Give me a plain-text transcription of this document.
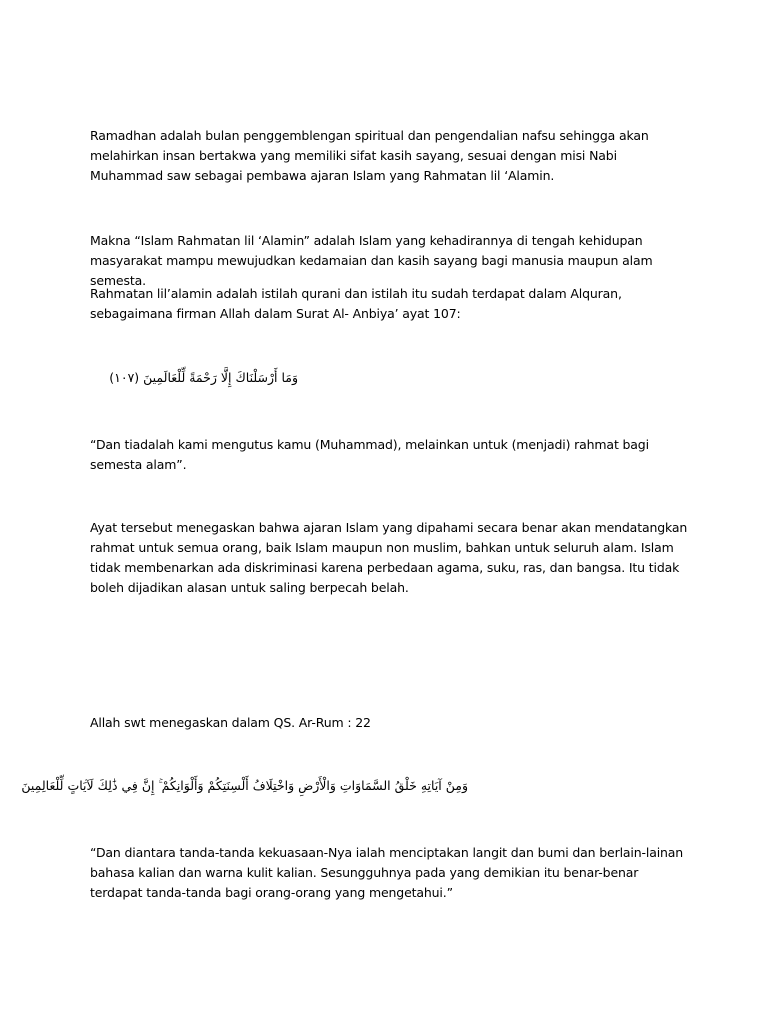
Ramadhan adalah bulan penggemblengan spiritual dan pengendalian nafsu sehingga akan melahirkan insan bertakwa yang memiliki sifat kasih sayang, sesuai dengan misi Nabi Muhammad saw sebagai pembawa ajaran Islam yang Rahmatan lil ‘Alamin.
Makna “Islam Rahmatan lil ‘Alamin” adalah Islam yang kehadirannya di tengah kehidupan masyarakat mampu mewujudkan kedamaian dan kasih sayang bagi manusia maupun alam semesta.
Rahmatan lil’alamin adalah istilah qurani dan istilah itu sudah terdapat dalam Alquran, sebagaimana firman Allah dalam Surat Al- Anbiya’ ayat 107:
وَمَا أَرْسَلْنَاكَ إِلَّا رَحْمَةً لِّلْعَالَمِينَ (١٠٧)
“Dan tiadalah kami mengutus kamu (Muhammad), melainkan untuk (menjadi) rahmat bagi semesta alam”.
Ayat tersebut menegaskan bahwa ajaran Islam yang dipahami secara benar akan mendatangkan rahmat untuk semua orang, baik Islam maupun non muslim, bahkan untuk seluruh alam. Islam tidak membenarkan ada diskriminasi karena perbedaan agama, suku, ras, dan bangsa. Itu tidak boleh dijadikan alasan untuk saling berpecah belah.
Allah swt menegaskan dalam QS. Ar-Rum : 22
وَمِنْ آيَاتِهِ خَلْقُ السَّمَاوَاتِ وَالْأَرْضِ وَاخْتِلَافُ أَلْسِنَتِكُمْ وَأَلْوَانِكُمْ ۚ إِنَّ فِي ذَٰلِكَ لَآيَاتٍ لِّلْعَالِمِينَ
“Dan diantara tanda-tanda kekuasaan-Nya ialah menciptakan langit dan bumi dan berlain-lainan bahasa kalian dan warna kulit kalian. Sesungguhnya pada yang demikian itu benar-benar terdapat tanda-tanda bagi orang-orang yang mengetahui.”
